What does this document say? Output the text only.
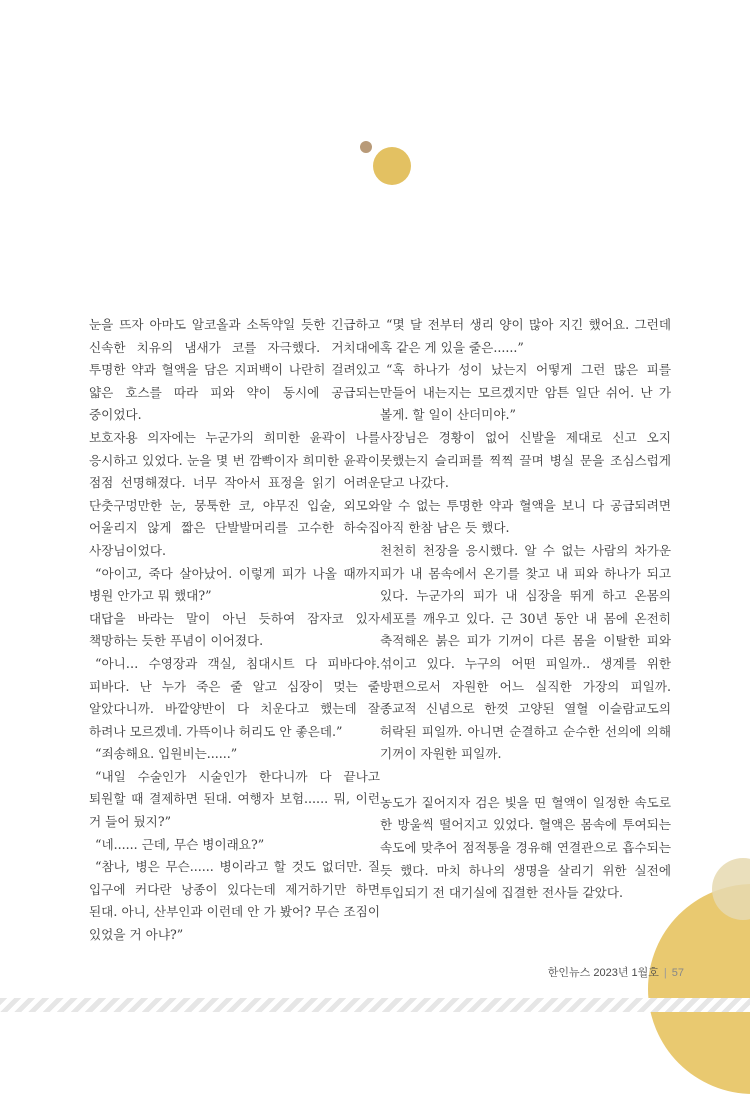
눈을 뜨자 아마도 알코올과 소독약일 듯한 긴급하고 신속한 치유의 냄새가 코를 자극했다. 거치대에 투명한 약과 혈액을 담은 지퍼백이 나란히 걸려있고 얇은 호스를 따라 피와 약이 동시에 공급되는 중이었다.

보호자용 의자에는 누군가의 희미한 윤곽이 나를 응시하고 있었다. 눈을 몇 번 깜빡이자 희미한 윤곽이 점점 선명해졌다. 너무 작아서 표정을 읽기 어려운 단춧구멍만한 눈, 뭉툭한 코, 야무진 입술, 외모와 어울리지 않게 짧은 단발발머리를 고수한 하숙집 사장님이었다.

“아이고, 죽다 살아났어. 이렇게 피가 나올 때까지 병원 안가고 뭐 했대?”

대답을 바라는 말이 아닌 듯하여 잠자코 있자 책망하는 듯한 푸념이 이어졌다.

“아니… 수영장과 객실, 침대시트 다 피바다야. 피바다. 난 누가 죽은 줄 알고 심장이 멎는 줄 알았다니까. 바깥양반이 다 치운다고 했는데 잘 하려나 모르겠네. 가뜩이나 허리도 안 좋은데.”

“죄송해요. 입원비는......”

“내일 수술인가 시술인가 한다니까 다 끝나고 퇴원할 때 결제하면 된대. 여행자 보험...... 뭐, 이런 거 들어 뒀지?”

“네...... 근데, 무슨 병이래요?”

“참나, 병은 무슨...... 병이라고 할 것도 없더만. 질 입구에 커다란 낭종이 있다는데 제거하기만 하면 된대. 아니, 산부인과 이런데 안 가 봤어? 무슨 조짐이 있었을 거 아냐?”

“몇 달 전부터 생리 양이 많아 지긴 했어요. 그런데 혹 같은 게 있을 줄은......”

“혹 하나가 성이 났는지 어떻게 그런 많은 피를 만들어 내는지는 모르겠지만 암튼 일단 쉬어. 난 가 볼게. 할 일이 산더미야.”

사장님은 경황이 없어 신발을 제대로 신고 오지 못했는지 슬리퍼를 찍찍 끌며 병실 문을 조심스럽게 닫고 나갔다.

알 수 없는 투명한 약과 혈액을 보니 다 공급되려면 아직 한참 남은 듯 했다.

천천히 천장을 응시했다. 알 수 없는 사람의 차가운 피가 내 몸속에서 온기를 찾고 내 피와 하나가 되고 있다. 누군가의 피가 내 심장을 뛰게 하고 온몸의 세포를 깨우고 있다. 근 30년 동안 내 몸에 온전히 축적해온 붉은 피가 기꺼이 다른 몸을 이탈한 피와 섞이고 있다. 누구의 어떤 피일까.. 생계를 위한 방편으로서 자원한 어느 실직한 가장의 피일까. 종교적 신념으로 한껏 고양된 열혈 이슬람교도의 허락된 피일까. 아니면 순결하고 순수한 선의에 의해 기꺼이 자원한 피일까.

농도가 짙어지자 검은 빛을 띤 혈액이 일정한 속도로 한 방울씩 떨어지고 있었다. 혈액은 몸속에 투여되는 속도에 맞추어 점적통을 경유해 연결관으로 흡수되는 듯 했다. 마치 하나의 생명을 살리기 위한 실전에 투입되기 전 대기실에 집결한 전사들 같았다.

한인뉴스 2023년 1월호 | 57
